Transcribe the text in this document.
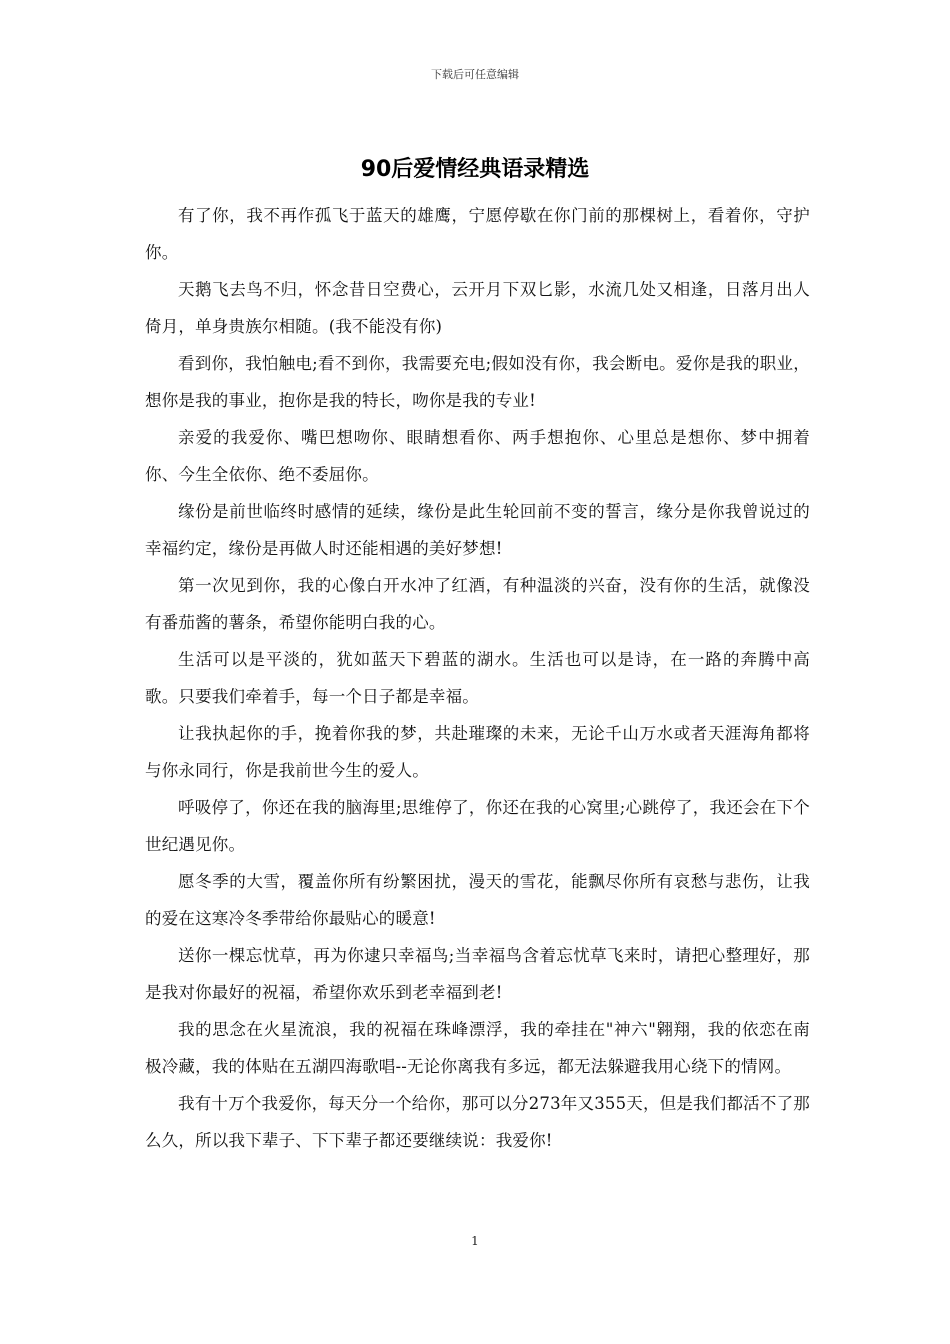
下载后可任意编辑
90后爱情经典语录精选

有了你，我不再作孤飞于蓝天的雄鹰，宁愿停歇在你门前的那棵树上，看着你，守护你。

天鹅飞去鸟不归，怀念昔日空费心，云开月下双匕影，水流几处又相逢，日落月出人倚月，单身贵族尔相随。(我不能没有你)

看到你，我怕触电;看不到你，我需要充电;假如没有你，我会断电。爱你是我的职业，想你是我的事业，抱你是我的特长，吻你是我的专业!

亲爱的我爱你、嘴巴想吻你、眼睛想看你、两手想抱你、心里总是想你、梦中拥着你、今生全依你、绝不委屈你。

缘份是前世临终时感情的延续，缘份是此生轮回前不变的誓言，缘分是你我曾说过的幸福约定，缘份是再做人时还能相遇的美好梦想!

第一次见到你，我的心像白开水冲了红酒，有种温淡的兴奋，没有你的生活，就像没有番茄酱的薯条，希望你能明白我的心。

生活可以是平淡的，犹如蓝天下碧蓝的湖水。生活也可以是诗，在一路的奔腾中高歌。只要我们牵着手，每一个日子都是幸福。

让我执起你的手，挽着你我的梦，共赴璀璨的未来，无论千山万水或者天涯海角都将与你永同行，你是我前世今生的爱人。

呼吸停了，你还在我的脑海里;思维停了，你还在我的心窝里;心跳停了，我还会在下个世纪遇见你。

愿冬季的大雪，覆盖你所有纷繁困扰，漫天的雪花，能飘尽你所有哀愁与悲伤，让我的爱在这寒冷冬季带给你最贴心的暖意!

送你一棵忘忧草，再为你逮只幸福鸟;当幸福鸟含着忘忧草飞来时，请把心整理好，那是我对你最好的祝福，希望你欢乐到老幸福到老!

我的思念在火星流浪，我的祝福在珠峰漂浮，我的牵挂在"神六"翱翔，我的依恋在南极冷藏，我的体贴在五湖四海歌唱--无论你离我有多远，都无法躲避我用心绕下的情网。

我有十万个我爱你，每天分一个给你，那可以分273年又355天，但是我们都活不了那么久，所以我下辈子、下下辈子都还要继续说：我爱你!

1
